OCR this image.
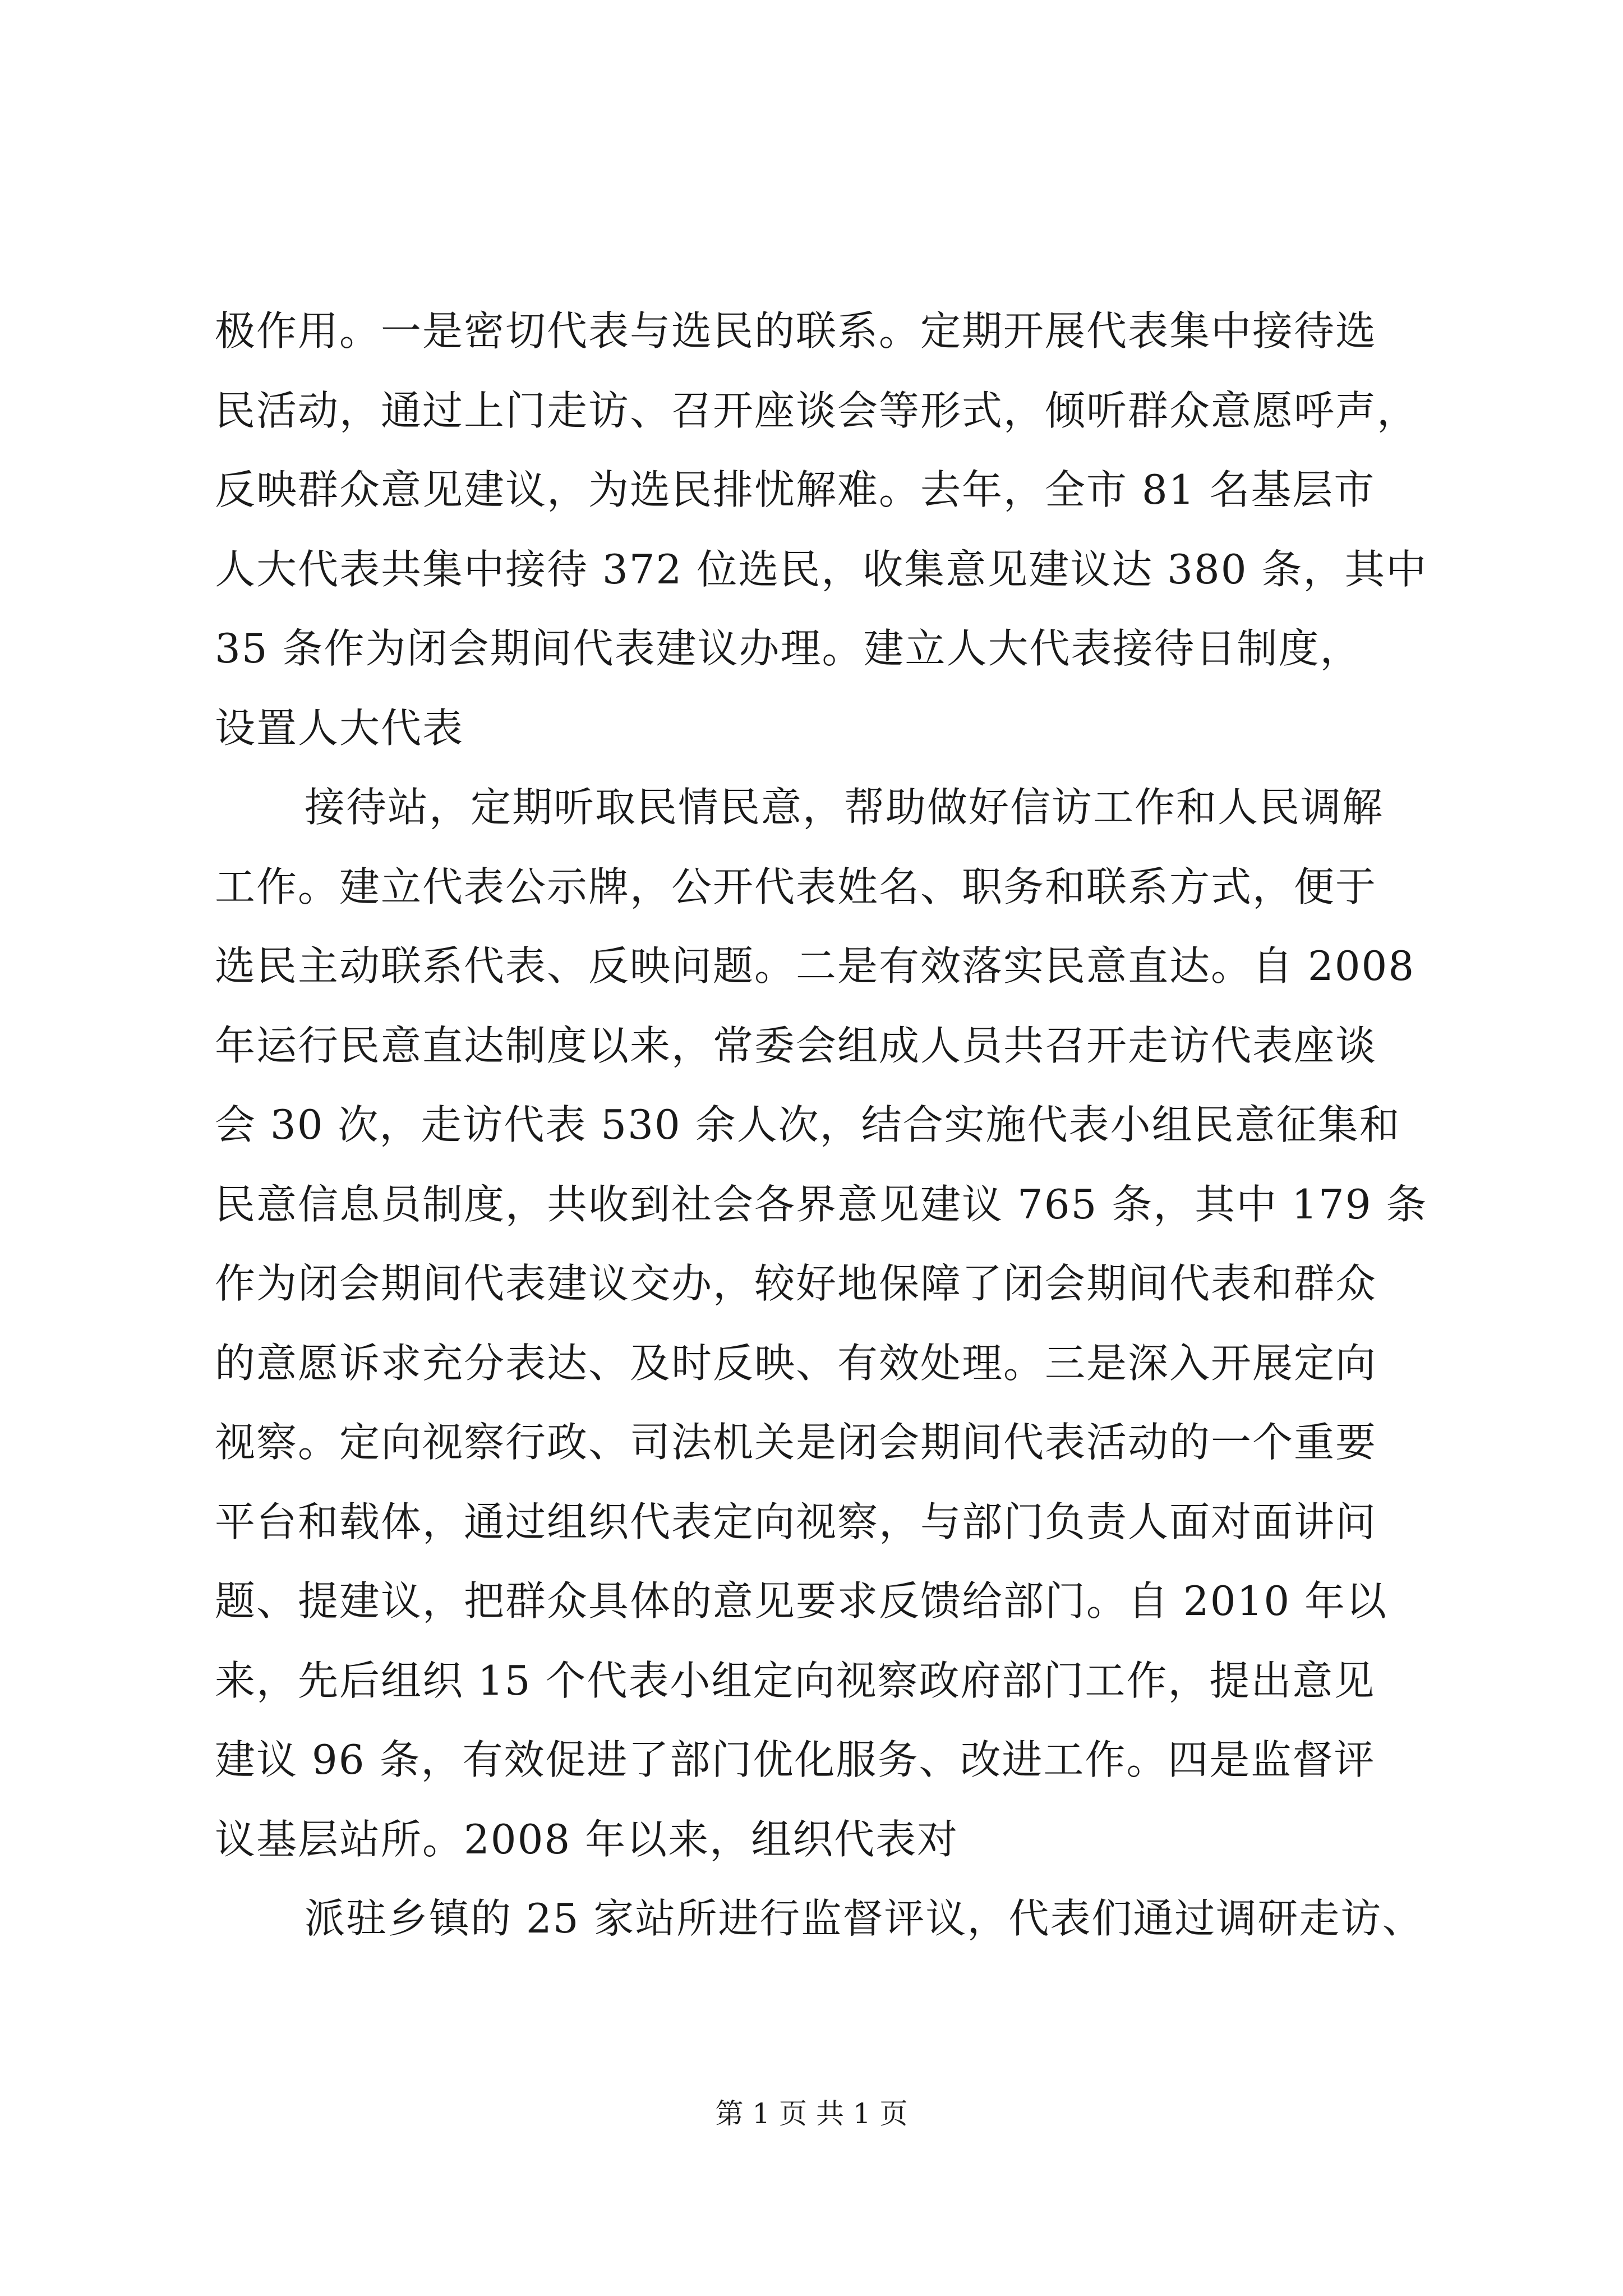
极作用。一是密切代表与选民的联系。定期开展代表集中接待选
民活动，通过上门走访、召开座谈会等形式，倾听群众意愿呼声，
反映群众意见建议，为选民排忧解难。去年，全市 81 名基层市
人大代表共集中接待 372 位选民，收集意见建议达 380 条，其中
35 条作为闭会期间代表建议办理。建立人大代表接待日制度，
设置人大代表
接待站，定期听取民情民意，帮助做好信访工作和人民调解
工作。建立代表公示牌，公开代表姓名、职务和联系方式，便于
选民主动联系代表、反映问题。二是有效落实民意直达。自 2008
年运行民意直达制度以来，常委会组成人员共召开走访代表座谈
会 30 次，走访代表 530 余人次，结合实施代表小组民意征集和
民意信息员制度，共收到社会各界意见建议 765 条，其中 179 条
作为闭会期间代表建议交办，较好地保障了闭会期间代表和群众
的意愿诉求充分表达、及时反映、有效处理。三是深入开展定向
视察。定向视察行政、司法机关是闭会期间代表活动的一个重要
平台和载体，通过组织代表定向视察，与部门负责人面对面讲问
题、提建议，把群众具体的意见要求反馈给部门。自 2010 年以
来，先后组织 15 个代表小组定向视察政府部门工作，提出意见
建议 96 条，有效促进了部门优化服务、改进工作。四是监督评
议基层站所。2008 年以来，组织代表对
派驻乡镇的 25 家站所进行监督评议，代表们通过调研走访、
第 1 页 共 1 页
